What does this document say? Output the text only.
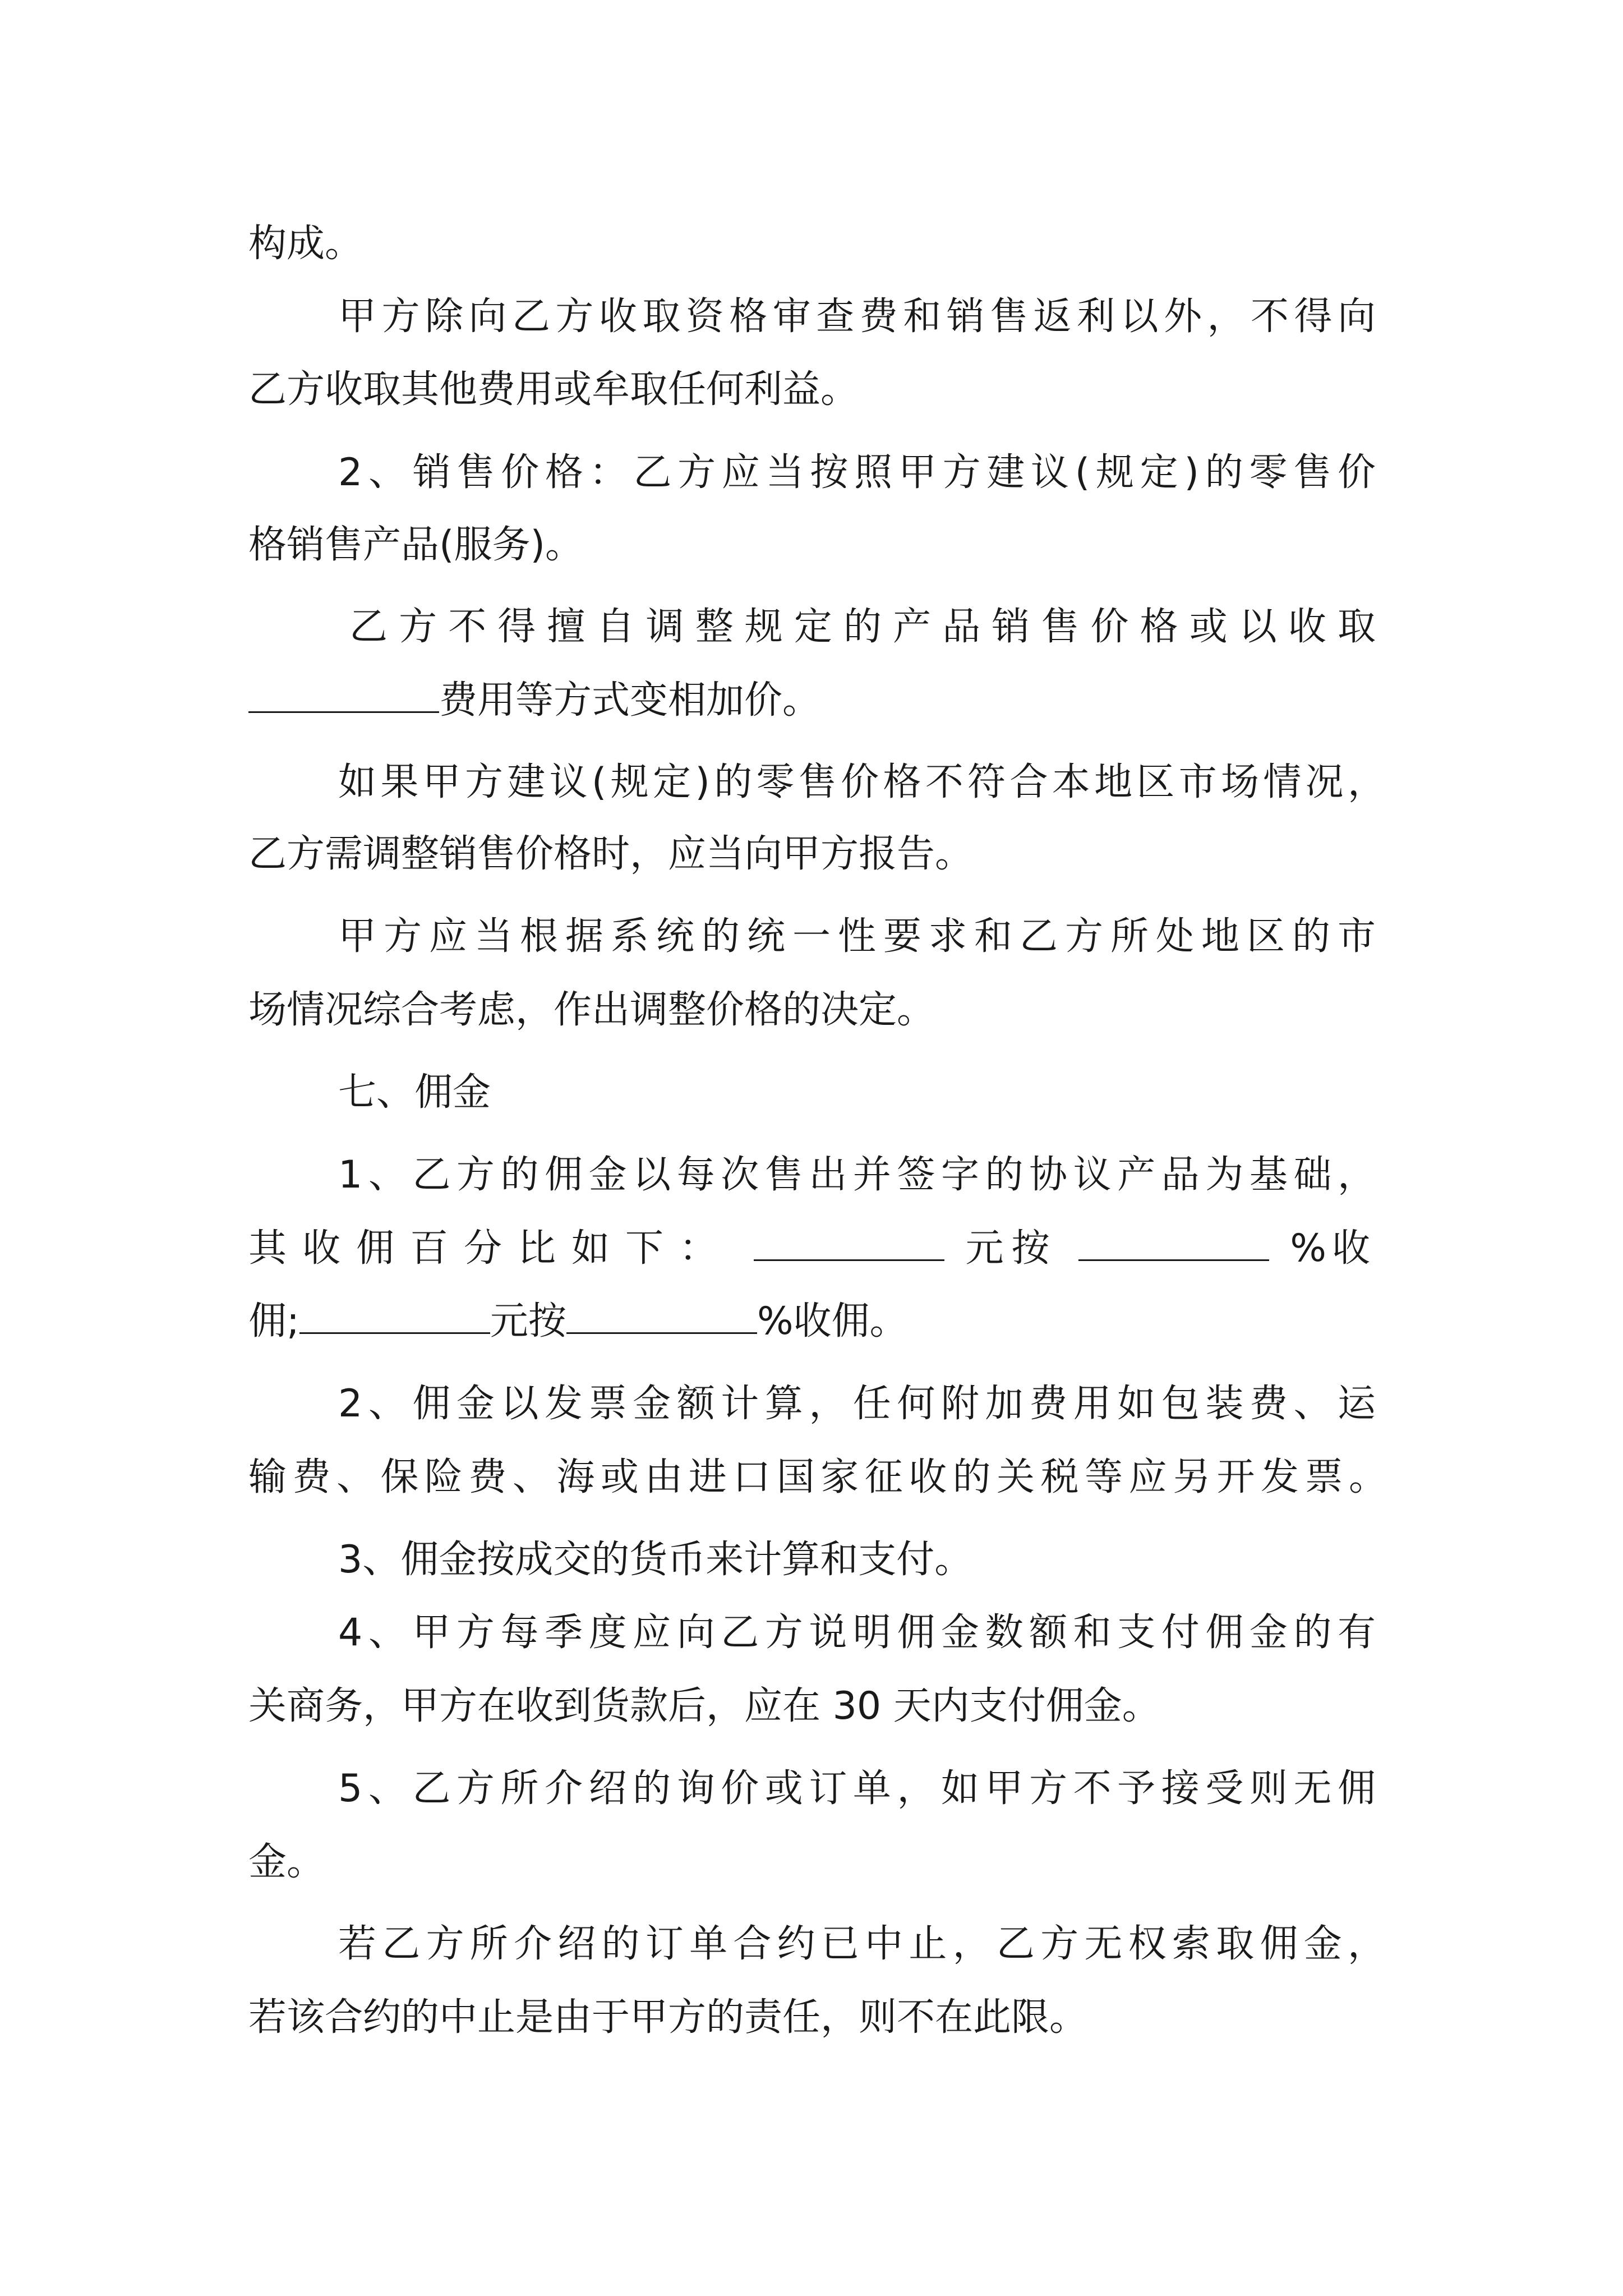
构成。
甲方除向乙方收取资格审查费和销售返利以外，不得向
乙方收取其他费用或牟取任何利益。
2、销售价格：乙方应当按照甲方建议(规定)的零售价
格销售产品(服务)。
乙方不得擅自调整规定的产品销售价格或以收取
费用等方式变相加价。
如果甲方建议(规定)的零售价格不符合本地区市场情况，
乙方需调整销售价格时，应当向甲方报告。
甲方应当根据系统的统一性要求和乙方所处地区的市
场情况综合考虑，作出调整价格的决定。
七、佣金
1、乙方的佣金以每次售出并签字的协议产品为基础，
其收佣百分比如下：	元按	%收
佣;	元按	%收佣。
2、佣金以发票金额计算，任何附加费用如包装费、运
输费、保险费、海或由进口国家征收的关税等应另开发票。
3、佣金按成交的货币来计算和支付。
4、甲方每季度应向乙方说明佣金数额和支付佣金的有
关商务，甲方在收到货款后，应在 30 天内支付佣金。
5、乙方所介绍的询价或订单，如甲方不予接受则无佣
金。
若乙方所介绍的订单合约已中止，乙方无权索取佣金，
若该合约的中止是由于甲方的责任，则不在此限。
